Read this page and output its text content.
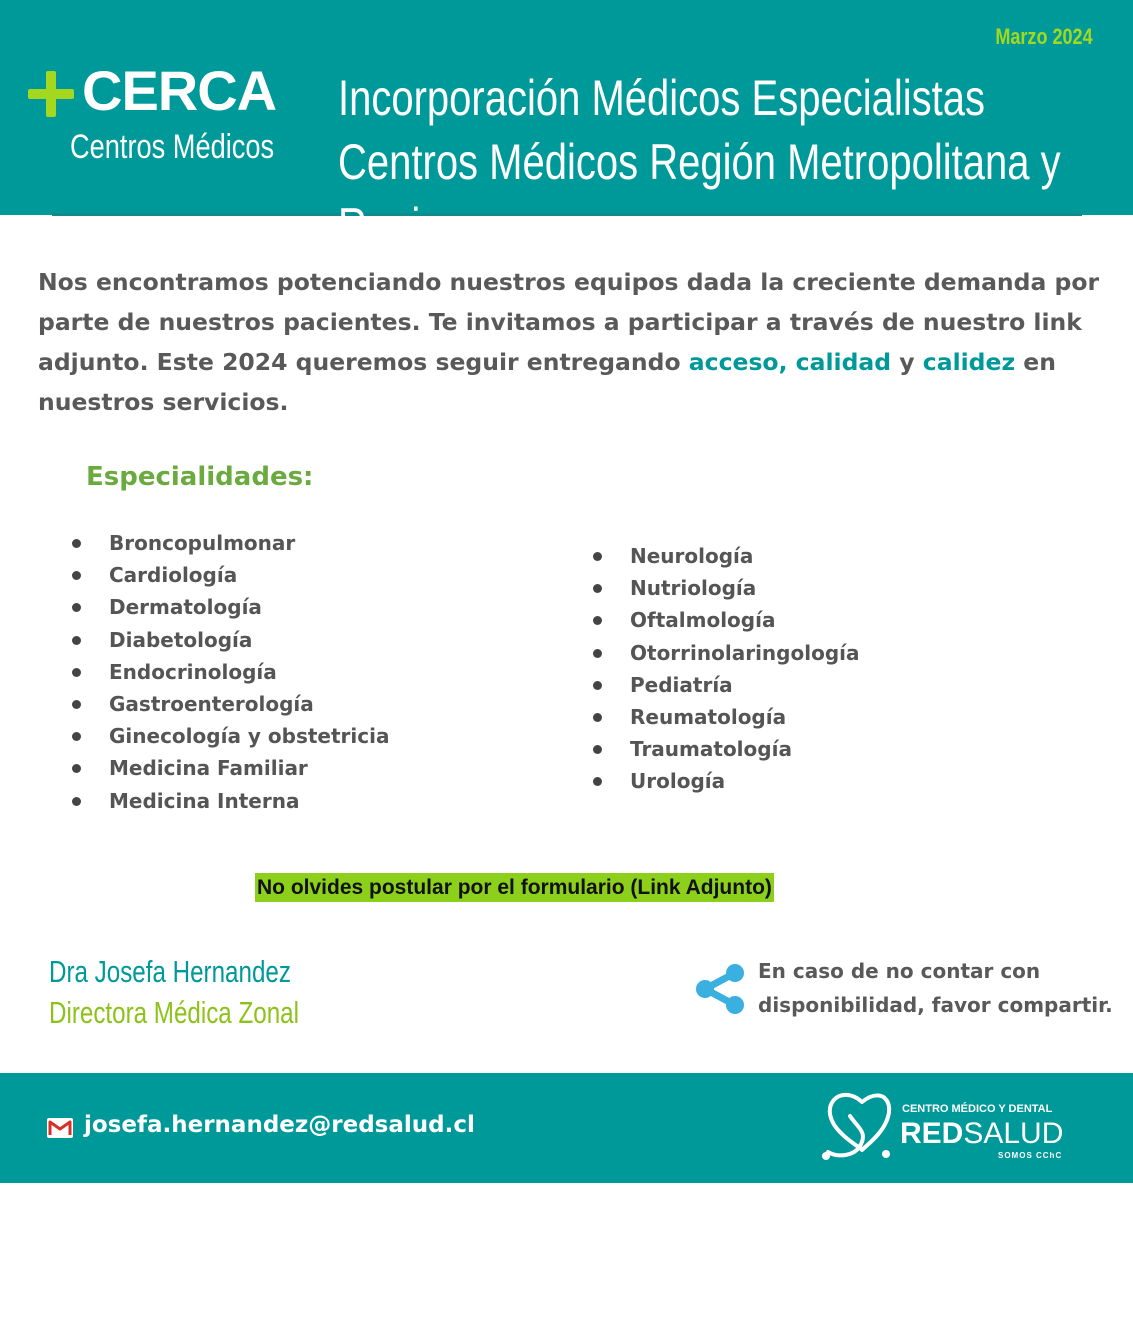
Marzo 2024
CERCA
Centros Médicos
Incorporación Médicos Especialistas Centros Médicos Región Metropolitana y Regiones
Nos encontramos potenciando nuestros equipos dada la creciente demanda por parte de nuestros pacientes. Te invitamos a participar a través de nuestro link adjunto. Este 2024 queremos seguir entregando acceso, calidad y calidez en nuestros servicios.
Especialidades:
Broncopulmonar
Cardiología
Dermatología
Diabetología
Endocrinología
Gastroenterología
Ginecología y obstetricia
Medicina Familiar
Medicina Interna
Neurología
Nutriología
Oftalmología
Otorrinolaringología
Pediatría
Reumatología
Traumatología
Urología
No olvides postular por el formulario (Link Adjunto)
Dra Josefa Hernandez
Directora Médica Zonal
En caso de no contar con disponibilidad, favor compartir.
josefa.hernandez@redsalud.cl
CENTRO MÉDICO Y DENTAL
REDSALUD
SOMOS CChC
